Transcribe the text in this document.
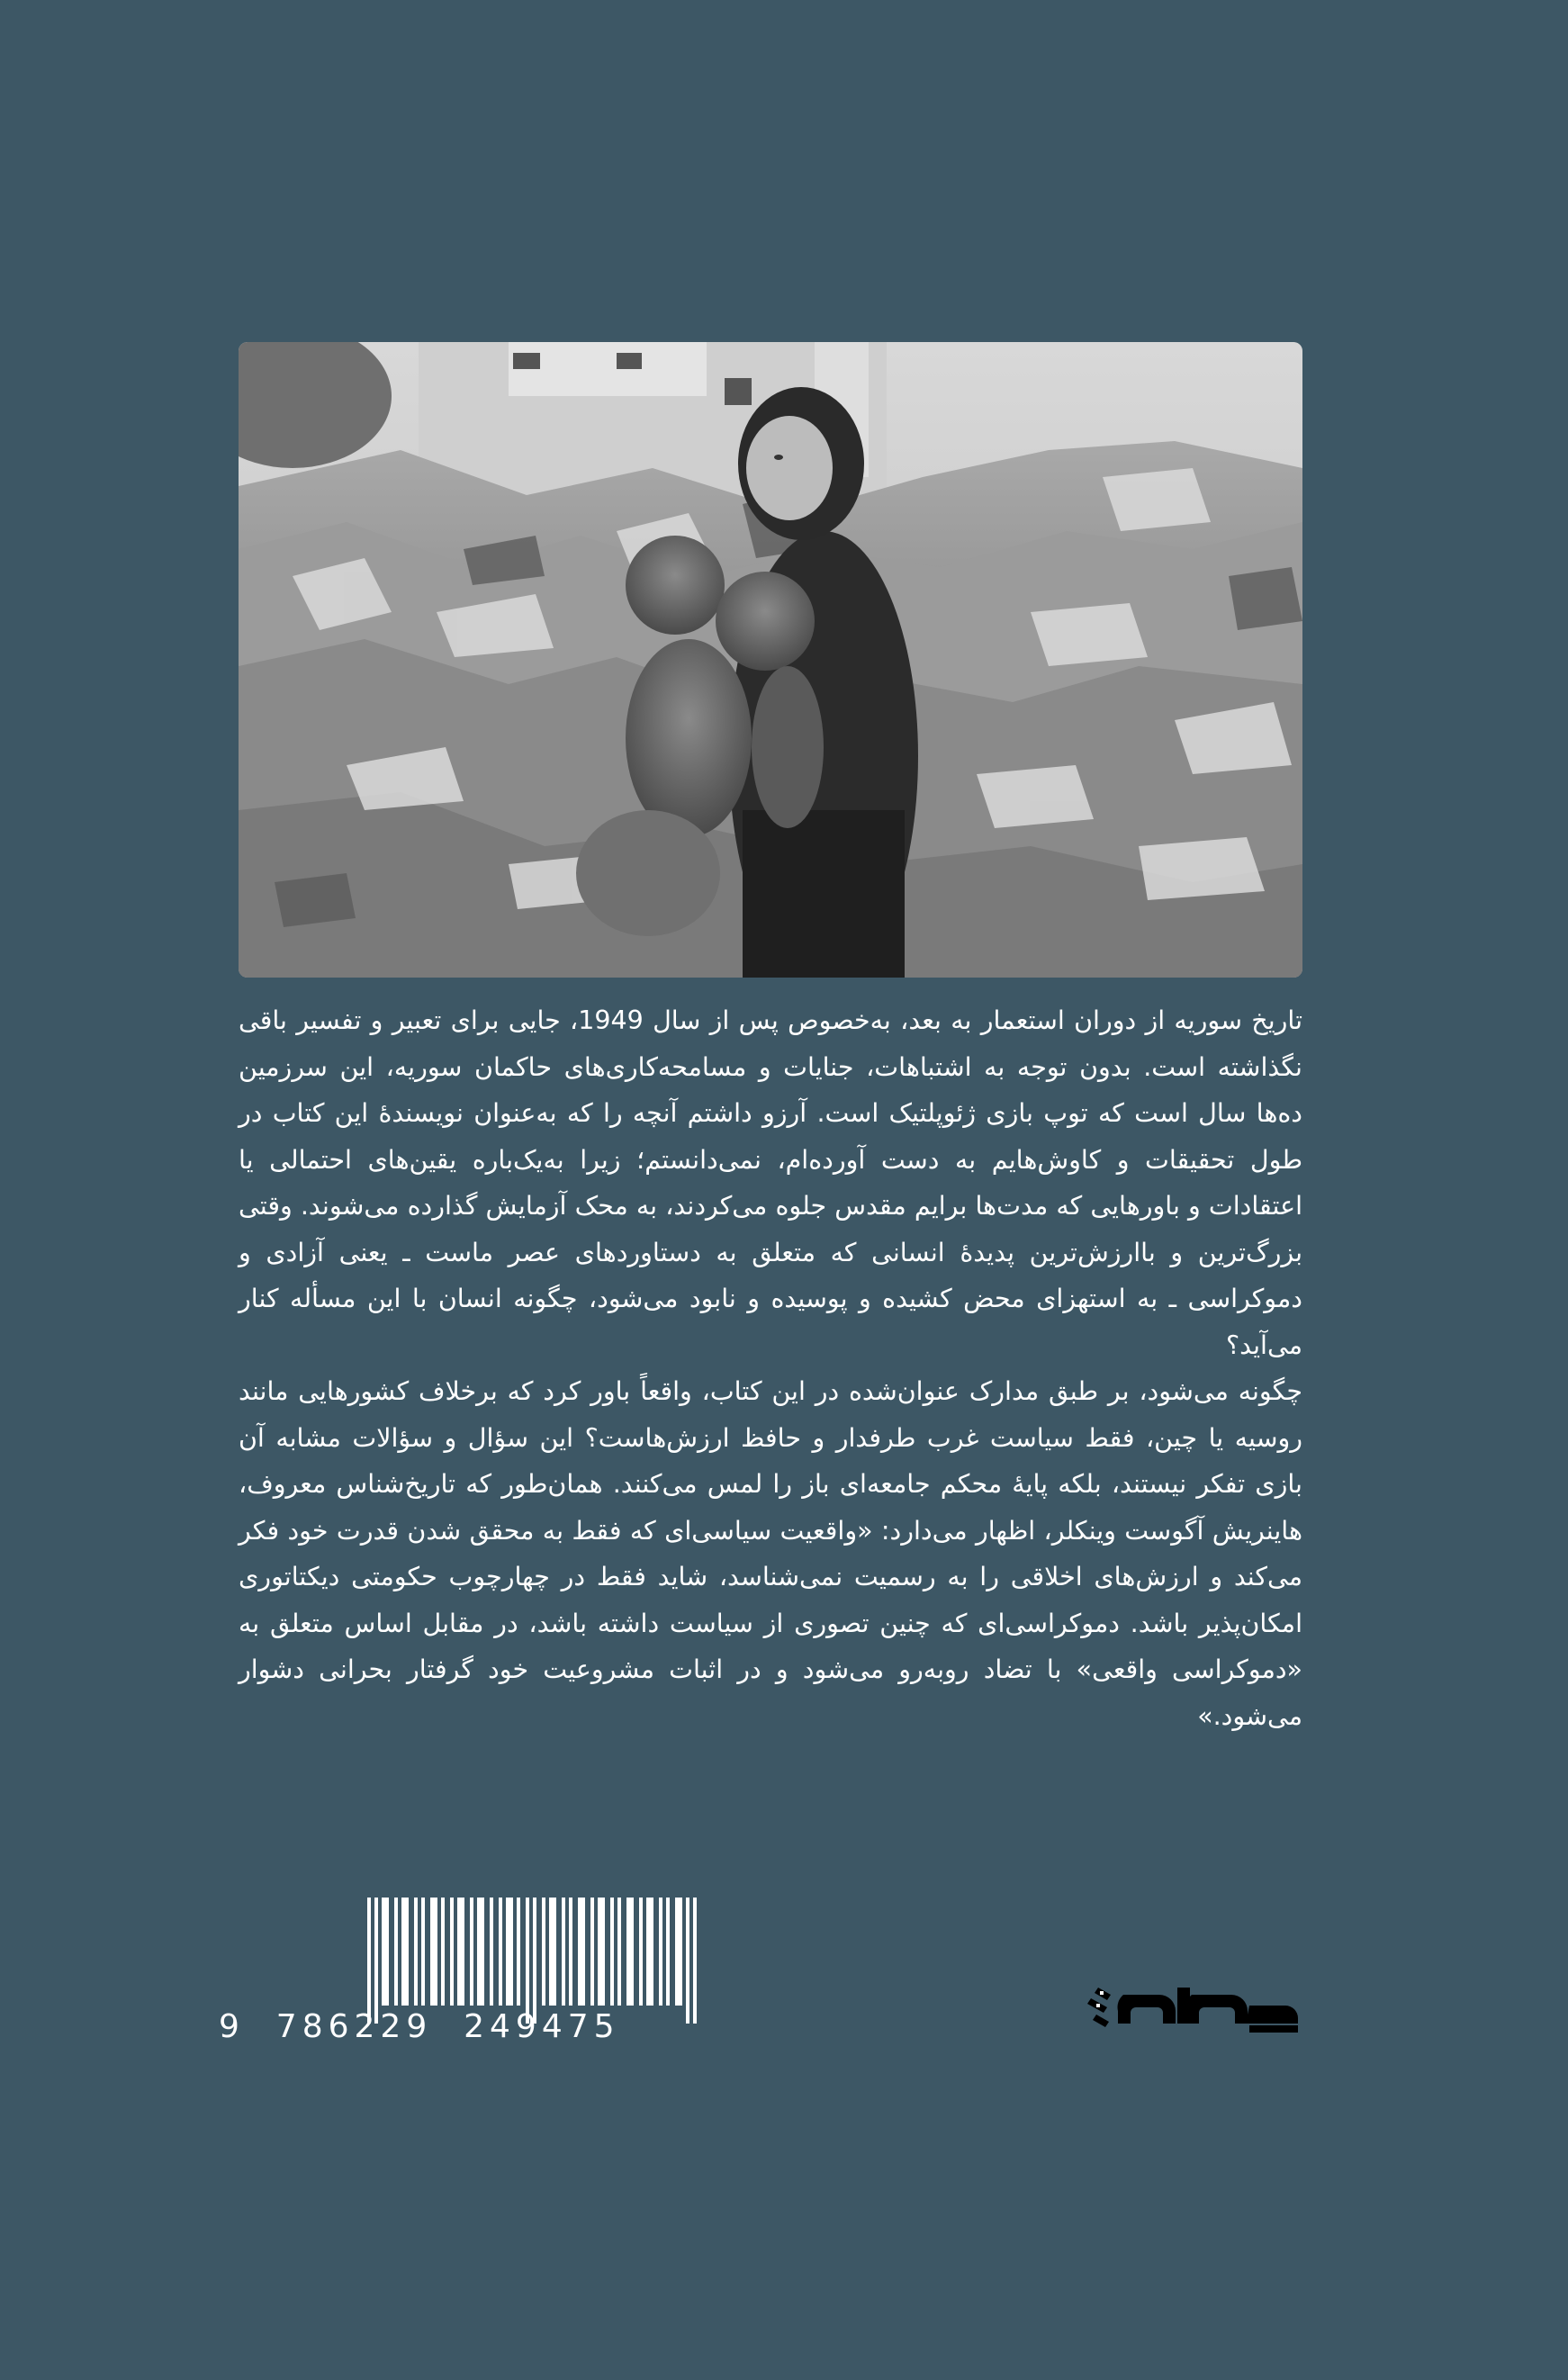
تاریخ سوریه از دوران استعمار به بعد، به‌خصوص پس از سال 1949، جایی برای تعبیر و تفسیر باقی نگذاشته است. بدون توجه به اشتباهات، جنایات و مسامحه‌کاری‌های حاکمان سوریه، این سرزمین ده‌ها سال است که توپ بازی ژئوپلتیک است. آرزو داشتم آنچه را که به‌عنوان نویسندهٔ این کتاب در طول تحقیقات و کاوش‌هایم به دست آورده‌ام، نمی‌دانستم؛ زیرا به‌یک‌باره یقین‌های احتمالی یا اعتقادات و باورهایی که مدت‌ها برایم مقدس جلوه می‌کردند، به محک آزمایش گذارده می‌شوند. وقتی بزرگ‌ترین و باارزش‌ترین پدیدهٔ انسانی که متعلق به دستاوردهای عصر ماست ـ یعنی آزادی و دموکراسی ـ به استهزای محض کشیده و پوسیده و نابود می‌شود، چگونه انسان با این مسأله کنار می‌آید؟

چگونه می‌شود، بر طبق مدارک عنوان‌شده در این کتاب، واقعاً باور کرد که برخلاف کشورهایی مانند روسیه یا چین، فقط سیاست غرب طرفدار و حافظ ارزش‌هاست؟ این سؤال و سؤالات مشابه آن بازی تفکر نیستند، بلکه پایهٔ محکم جامعه‌ای باز را لمس می‌کنند. همان‌طور که تاریخ‌شناس معروف، هاینریش آگوست وینکلر، اظهار می‌دارد: «واقعیت سیاسی‌ای که فقط به محقق شدن قدرت خود فکر می‌کند و ارزش‌های اخلاقی را به رسمیت نمی‌شناسد، شاید فقط در چهارچوب حکومتی دیکتاتوری امکان‌پذیر باشد. دموکراسی‌ای که چنین تصوری از سیاست داشته باشد، در مقابل اساس متعلق به «دموکراسی واقعی» با تضاد روبه‌رو می‌شود و در اثبات مشروعیت خود گرفتار بحرانی دشوار می‌شود.»

9  786229  249475
